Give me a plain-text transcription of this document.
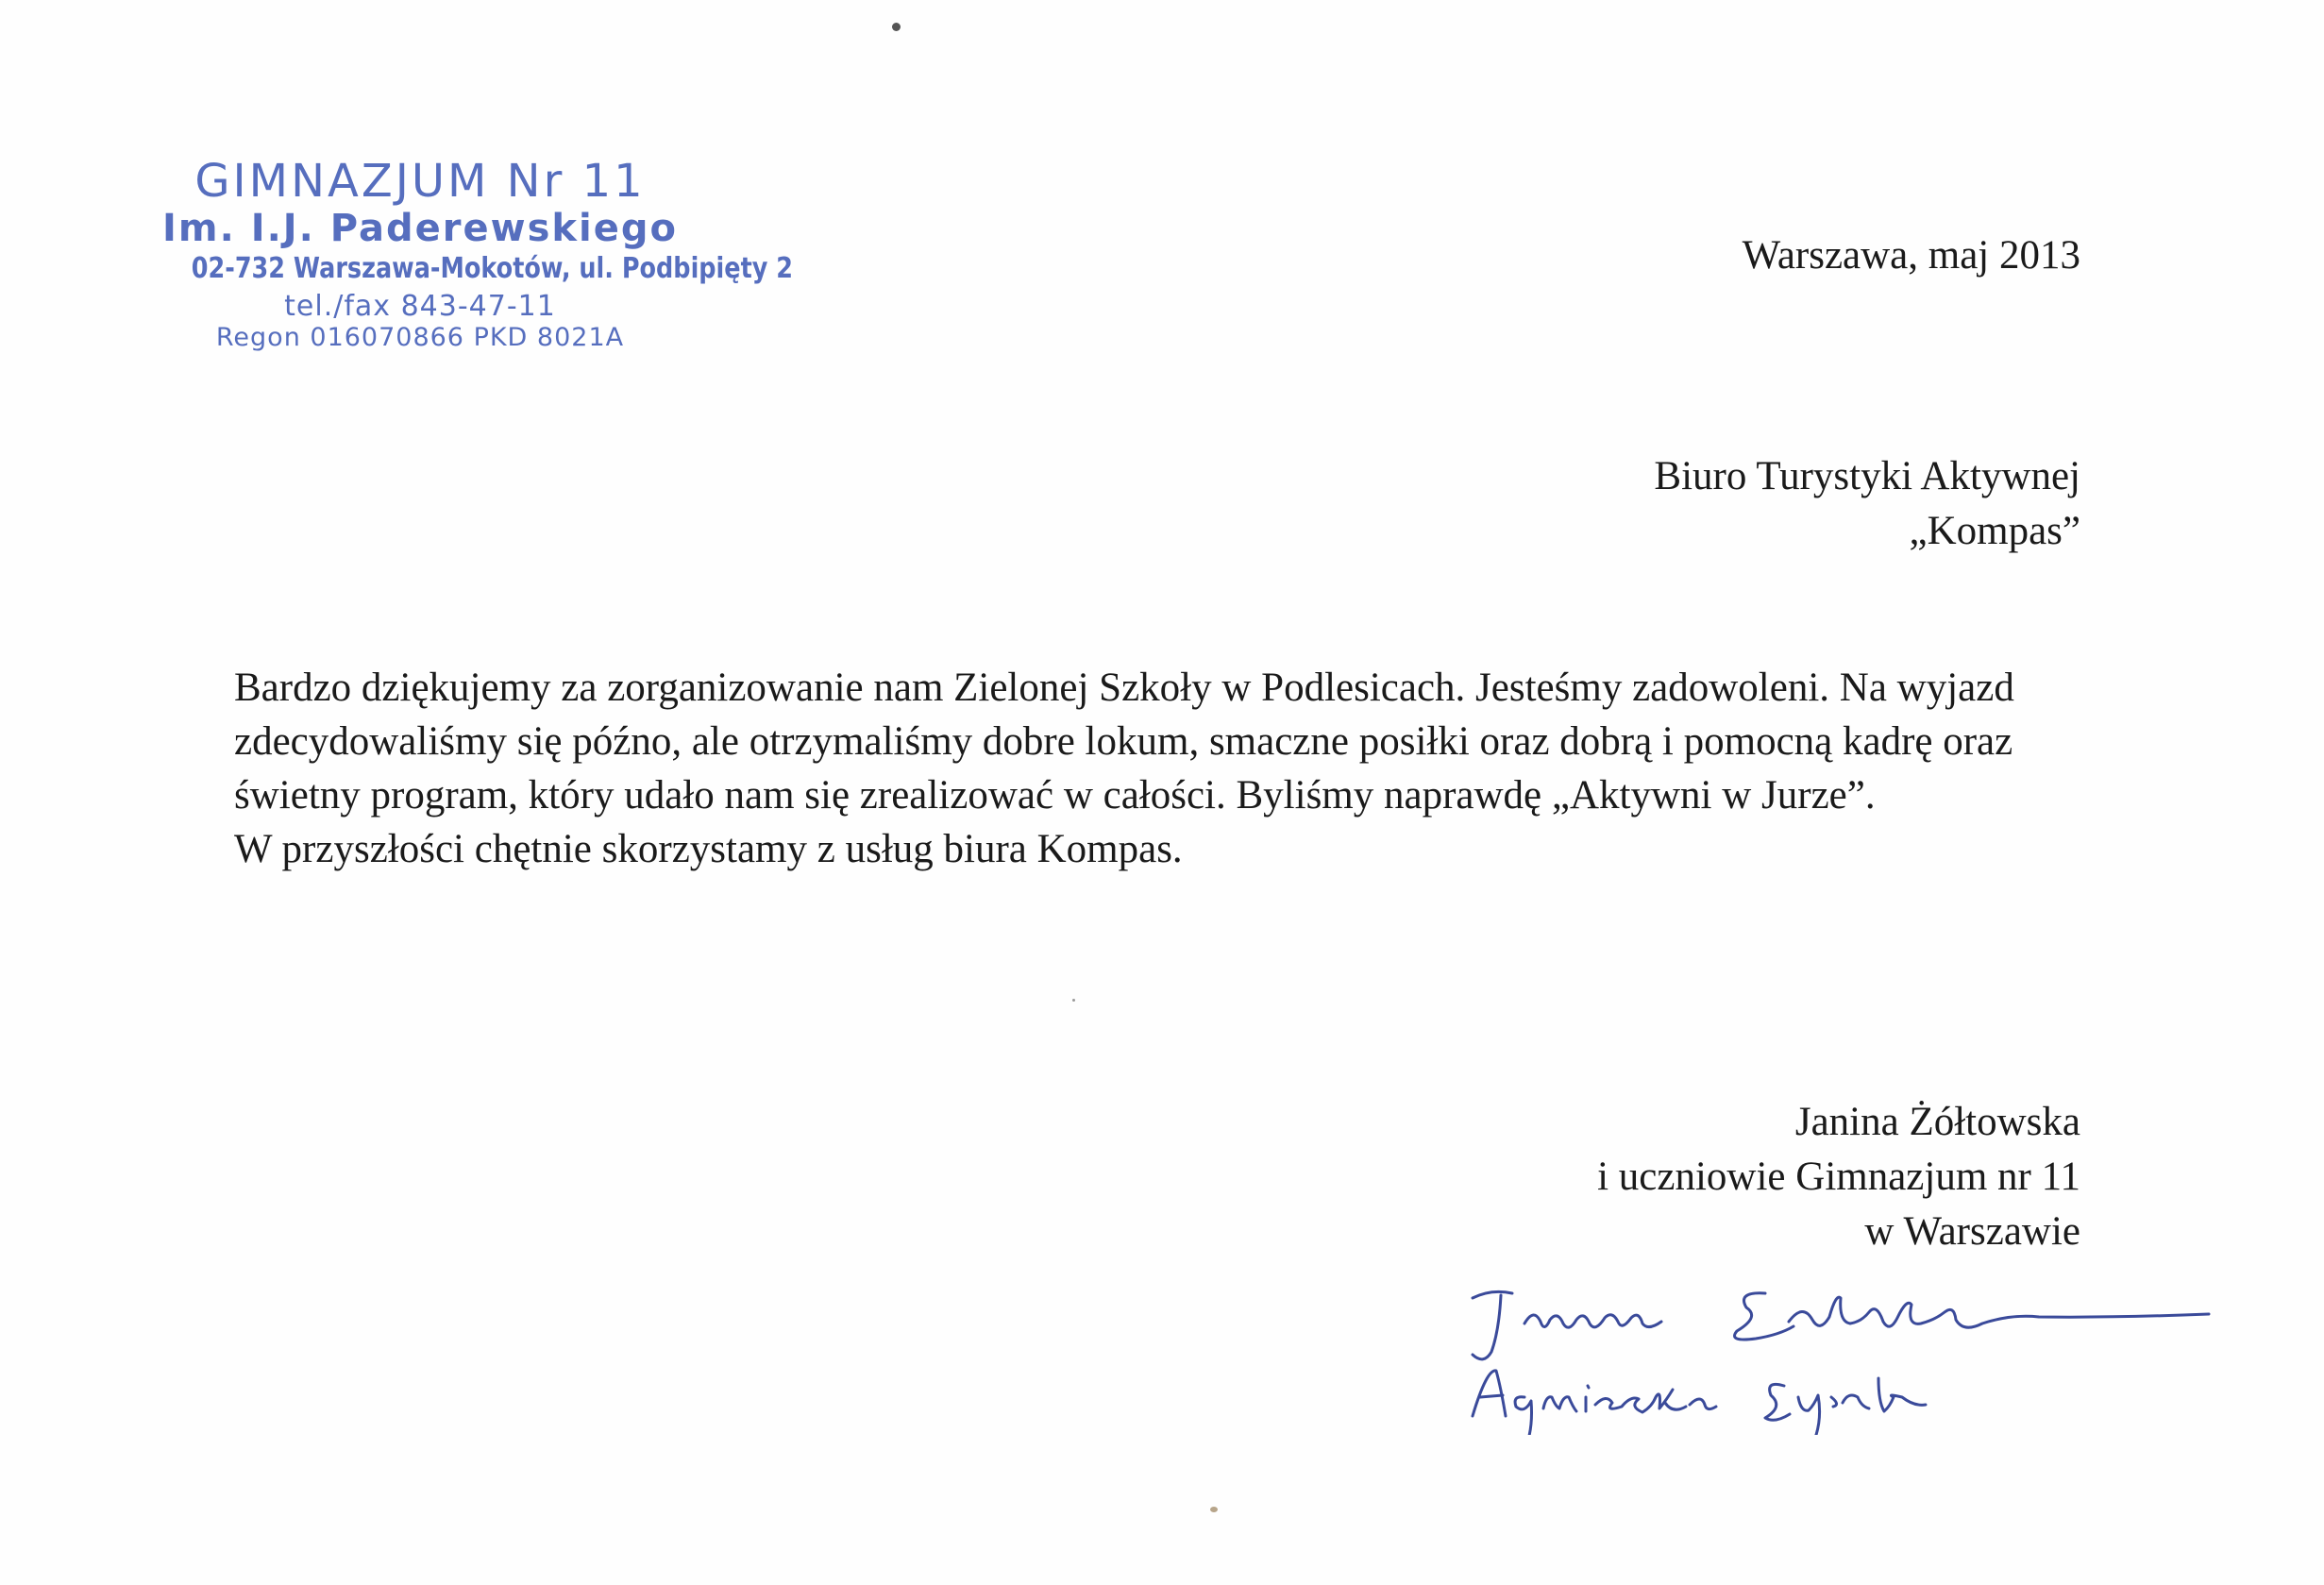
GIMNAZJUM Nr 11
Im. I.J. Paderewskiego
02-732 Warszawa-Mokotów, ul. Podbipięty 2
tel./fax 843-47-11
Regon 016070866 PKD 8021A
Warszawa, maj 2013
Biuro Turystyki Aktywnej
„Kompas”

Bardzo dziękujemy za zorganizowanie nam Zielonej Szkoły w Podlesicach. Jesteśmy zadowoleni. Na wyjazd zdecydowaliśmy się późno, ale otrzymaliśmy dobre lokum, smaczne posiłki oraz dobrą i pomocną kadrę oraz świetny program, który udało nam się zrealizować w całości. Byliśmy naprawdę „Aktywni w Jurze”.

W przyszłości chętnie skorzystamy z usług biura Kompas.

Janina Żółtowska
i uczniowie Gimnazjum nr 11
w Warszawie
